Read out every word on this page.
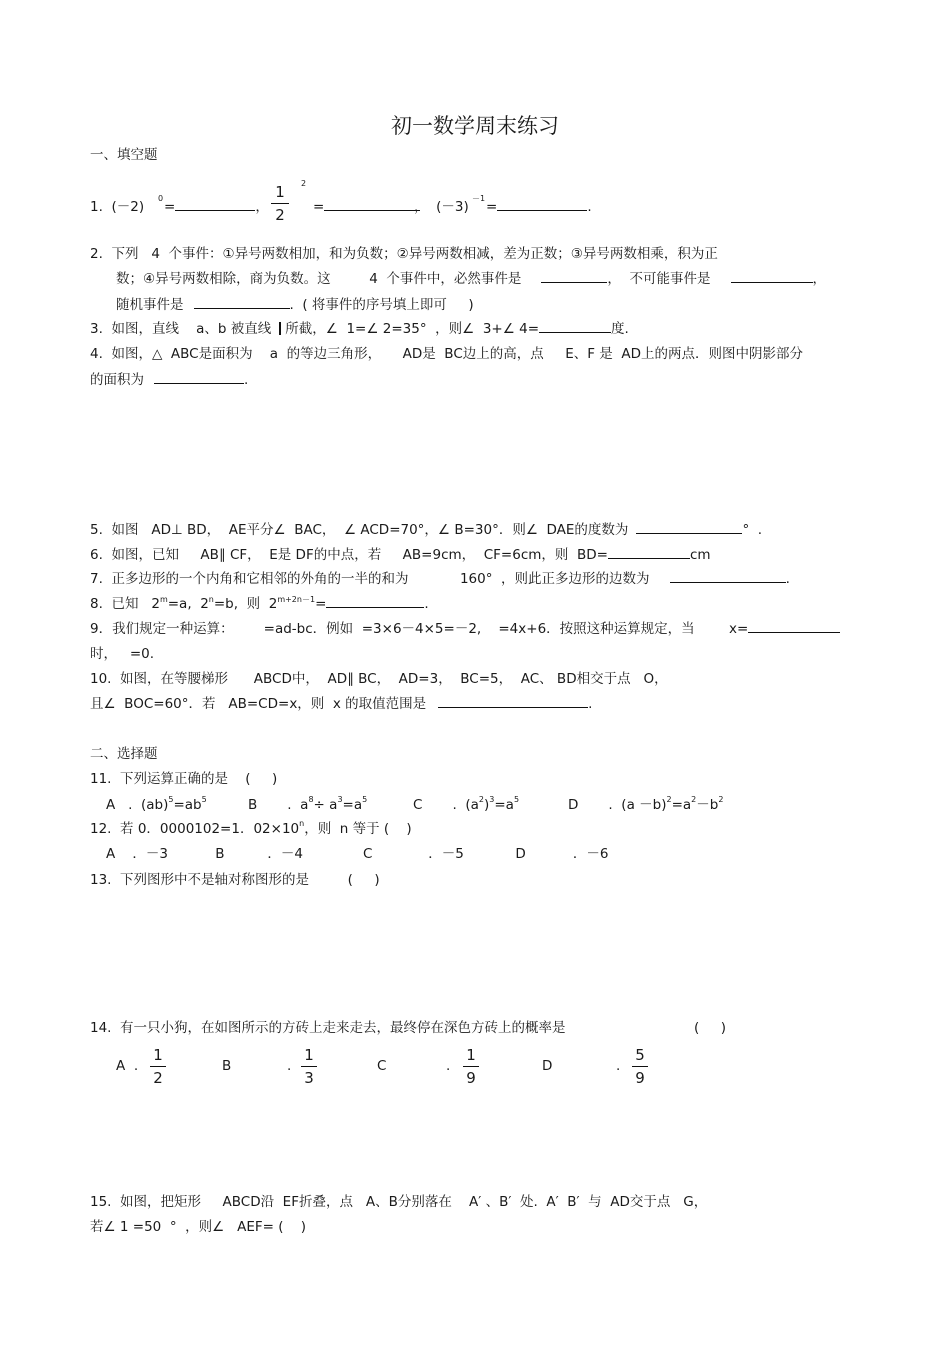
初一数学周末练习
一、填空题
1.  (－2)
0
=	，
1
2
2
=	，  (－3)
－1
=	.
2.  下列   4  个事件：①异号两数相加，和为负数；②异号两数相减，差为正数；③异号两数相乘，积为正
数；④异号两数相除，商为负数。这         4  个事件中，必然事件是	，  不可能事件是	，
随机事件是	.  ( 将事件的序号填上即可     )
3.  如图，直线    a、b 被直线 所截，∠  1=∠ 2=35°  ，则∠  3+∠ 4=	度.
4.  如图，△  ABC是面积为    a  的等边三角形，     AD是  BC边上的高，点     E、F 是  AD上的两点．则图中阴影部分
的面积为	.
5.  如图   AD⊥ BD，  AE平分∠  BAC，  ∠ ACD=70°，∠ B=30°．则∠  DAE的度数为	°  .
6.  如图，已知     AB∥ CF，  E是 DF的中点，若     AB=9cm，  CF=6cm，则  BD=	cm
7.  正多边形的一个内角和它相邻的外角的一半的和为            160°  ，则此正多边形的边数为	.
8.  已知   $2^m=a$,  $2^n=b$,  则  $2^{m+2n-1}=$	.
9．我们规定一种运算：       =ad-bc．例如  =3×6－4×5=－2,    =4x+6．按照这种运算规定，当        x=
时，   =0.
10.  如图，在等腰梯形      ABCD中，  AD∥ BC，  AD=3，  BC=5，  AC、 BD相交于点   O，
且∠  BOC=60°．若   AB=CD=x，则  x 的取值范围是	.
二、选择题
11.  下列运算正确的是    (     )
A   .  $(ab)^5=ab^5$	B       .  $a^8\div a^3=a^5$	C       .  $(a^2)^3=a^5$	D       .  $(a -b)^2=a^2-b^2$
12.  若 0．0000102=1．$02\times 10^n$，则  n 等于 (    )
A    ．－3           B          ．－4              C             ．－5            D           ．－6
13.  下列图形中不是轴对称图形的是         (     )
14.  有一只小狗，在如图所示的方砖上走来走去，最终停在深色方砖上的概率是	(     )
A  .
1
2
B	.
1
3
C	.
1
9
D	.
5
9
15.  如图，把矩形     ABCD沿  EF折叠，点   A、B分别落在    A′ 、B′  处.  A′  B′  与  AD交于点   G，
若∠ 1 =50  °  ，则∠   AEF= (    )
